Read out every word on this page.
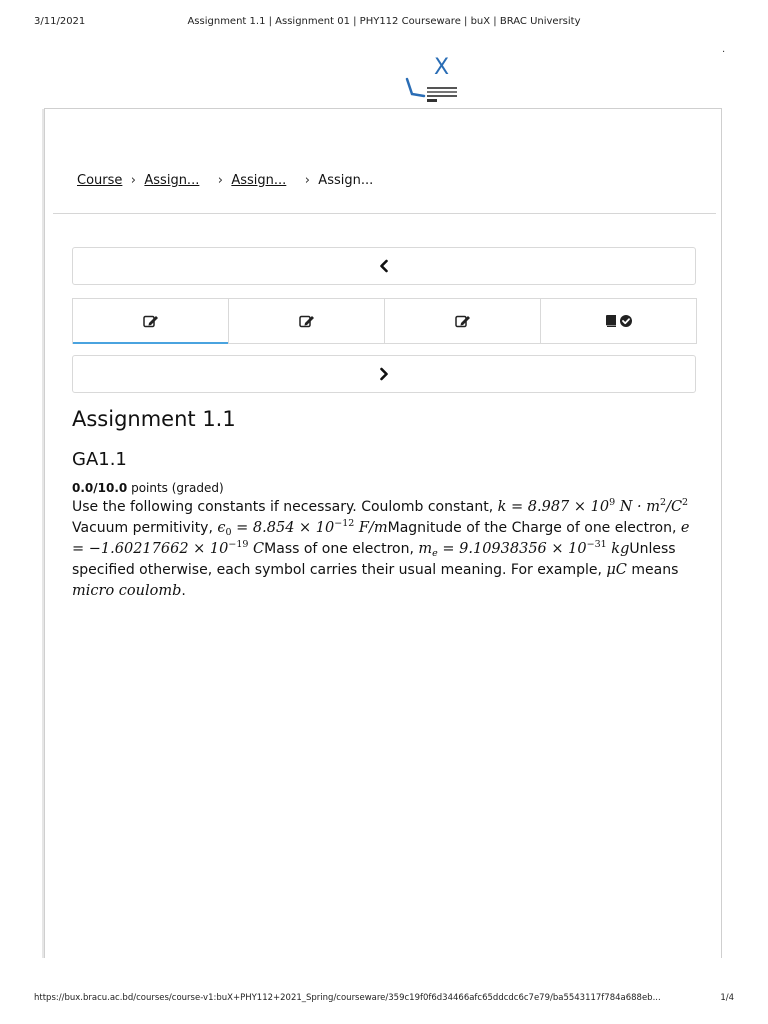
3/11/2021	Assignment 1.1 | Assignment 01 | PHY112 Courseware | buX | BRAC University
·
X
Course › Assign...	› Assign...	› Assign...
Assignment 1.1
GA1.1
0.0/10.0 points (graded)
Use the following constants if necessary. Coulomb constant, $k = 8.987 \times 10^9$ $N \cdot m^2/C^2$ Vacuum permitivity, $\epsilon_0 = 8.854 \times 10^{-12}$ F/mMagnitude of the Charge of one electron, $e = -1.60217662 \times 10^{-19}$ CMass of one electron, $m_e = 9.10938356 \times 10^{-31}$ kgUnless specified otherwise, each symbol carries their usual meaning. For example, μC means micro coulomb.
https://bux.bracu.ac.bd/courses/course-v1:buX+PHY112+2021_Spring/courseware/359c19f0f6d34466afc65ddcdc6c7e79/ba5543117f784a688eb...	1/4
